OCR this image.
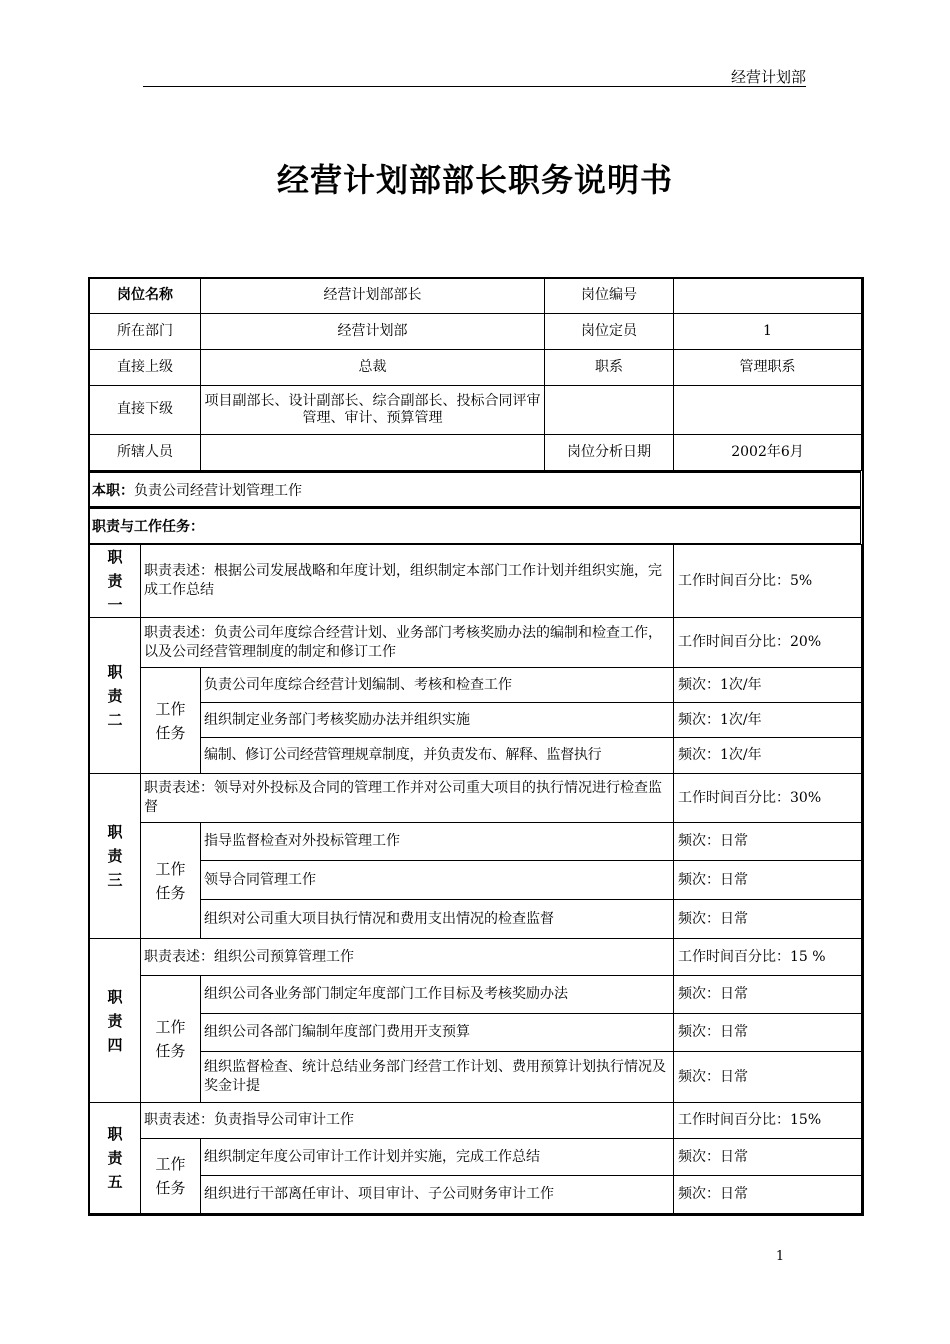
经营计划部
经营计划部部长职务说明书
岗位名称	经营计划部部长	岗位编号	
所在部门	经营计划部	岗位定员	1
直接上级	总裁	职系	管理职系
直接下级	项目副部长、设计副部长、综合副部长、投标合同评审管理、审计、预算管理		
所辖人员		岗位分析日期	2002年6月
本职： 负责公司经营计划管理工作
职责与工作任务：
职
责
一	职责表述：根据公司发展战略和年度计划，组织制定本部门工作计划并组织实施，完成工作总结		工作时间百分比：5%
职
责
二	职责表述：负责公司年度综合经营计划、业务部门考核奖励办法的编制和检查工作，以及公司经营管理制度的制定和修订工作		工作时间百分比：20%
	工作
任务	负责公司年度综合经营计划编制、考核和检查工作	频次：1次/年
		组织制定业务部门考核奖励办法并组织实施	频次：1次/年
		编制、修订公司经营管理规章制度，并负责发布、解释、监督执行	频次：1次/年
职
责
三	职责表述：领导对外投标及合同的管理工作并对公司重大项目的执行情况进行检查监督		工作时间百分比：30%
	工作
任务	指导监督检查对外投标管理工作	频次：日常
		领导合同管理工作	频次：日常
		组织对公司重大项目执行情况和费用支出情况的检查监督	频次：日常
职
责
四	职责表述：组织公司预算管理工作		工作时间百分比：15 %
	工作
任务	组织公司各业务部门制定年度部门工作目标及考核奖励办法	频次：日常
		组织公司各部门编制年度部门费用开支预算	频次：日常
		组织监督检查、统计总结业务部门经营工作计划、费用预算计划执行情况及奖金计提	频次：日常
职
责
五	职责表述：负责指导公司审计工作		工作时间百分比：15%
	工作
任务	组织制定年度公司审计工作计划并实施，完成工作总结	频次：日常
		组织进行干部离任审计、项目审计、子公司财务审计工作	频次：日常
1
